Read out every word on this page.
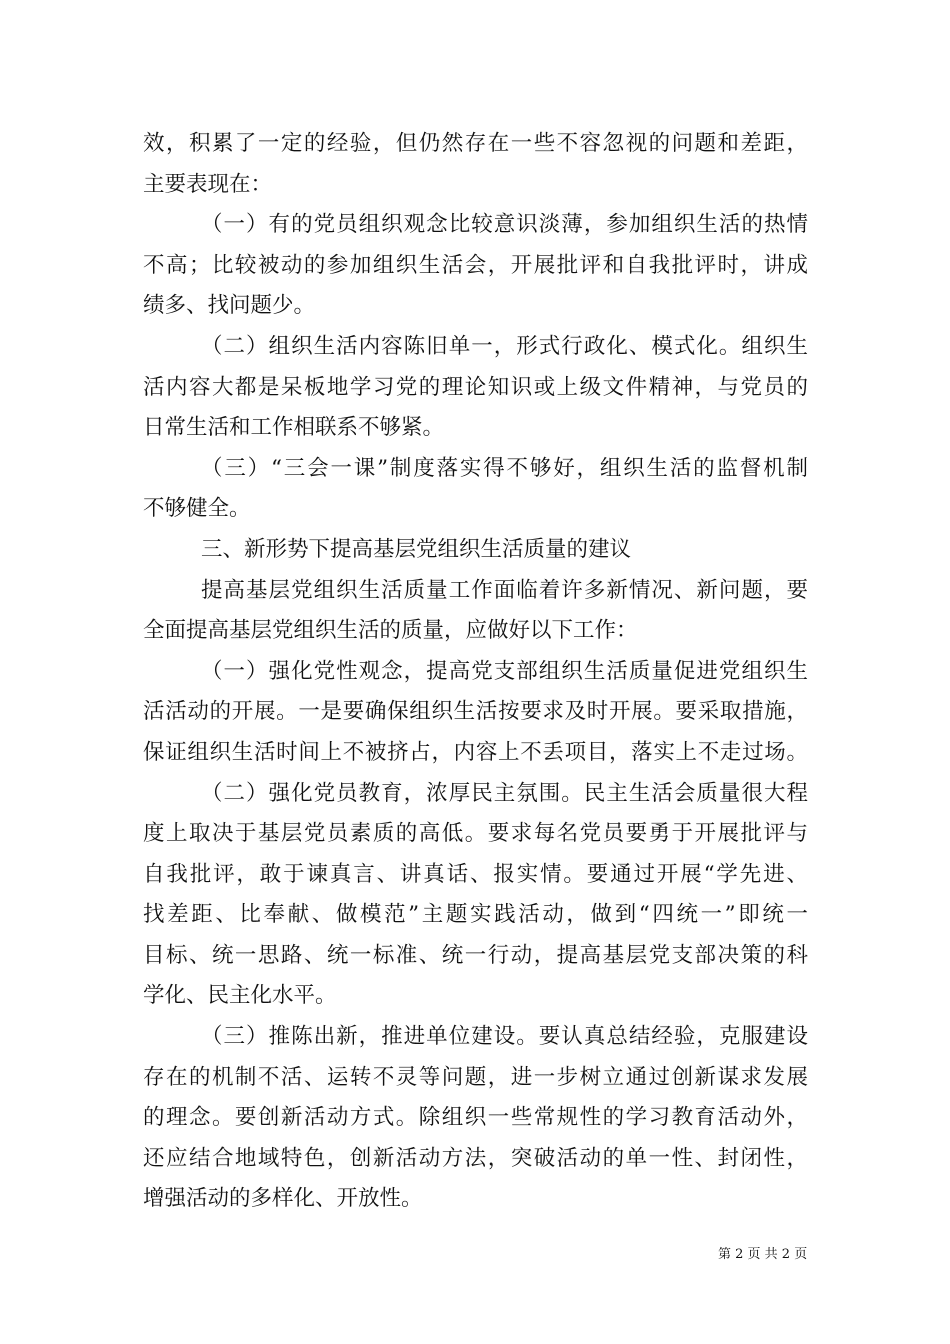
效，积累了一定的经验，但仍然存在一些不容忽视的问题和差距，
主要表现在：
（一）有的党员组织观念比较意识淡薄，参加组织生活的热情
不高；比较被动的参加组织生活会，开展批评和自我批评时，讲成
绩多、找问题少。
（二）组织生活内容陈旧单一，形式行政化、模式化。组织生
活内容大都是呆板地学习党的理论知识或上级文件精神，与党员的
日常生活和工作相联系不够紧。
（三）“三会一课”制度落实得不够好，组织生活的监督机制
不够健全。
三、新形势下提高基层党组织生活质量的建议
提高基层党组织生活质量工作面临着许多新情况、新问题，要
全面提高基层党组织生活的质量，应做好以下工作：
（一）强化党性观念，提高党支部组织生活质量促进党组织生
活活动的开展。一是要确保组织生活按要求及时开展。要采取措施，
保证组织生活时间上不被挤占，内容上不丢项目，落实上不走过场。
（二）强化党员教育，浓厚民主氛围。民主生活会质量很大程
度上取决于基层党员素质的高低。要求每名党员要勇于开展批评与
自我批评，敢于谏真言、讲真话、报实情。要通过开展“学先进、
找差距、比奉献、做模范”主题实践活动，做到“四统一”即统一
目标、统一思路、统一标准、统一行动，提高基层党支部决策的科
学化、民主化水平。
（三）推陈出新，推进单位建设。要认真总结经验，克服建设
存在的机制不活、运转不灵等问题，进一步树立通过创新谋求发展
的理念。要创新活动方式。除组织一些常规性的学习教育活动外，
还应结合地域特色，创新活动方法，突破活动的单一性、封闭性，
增强活动的多样化、开放性。
第 2 页 共 2 页
